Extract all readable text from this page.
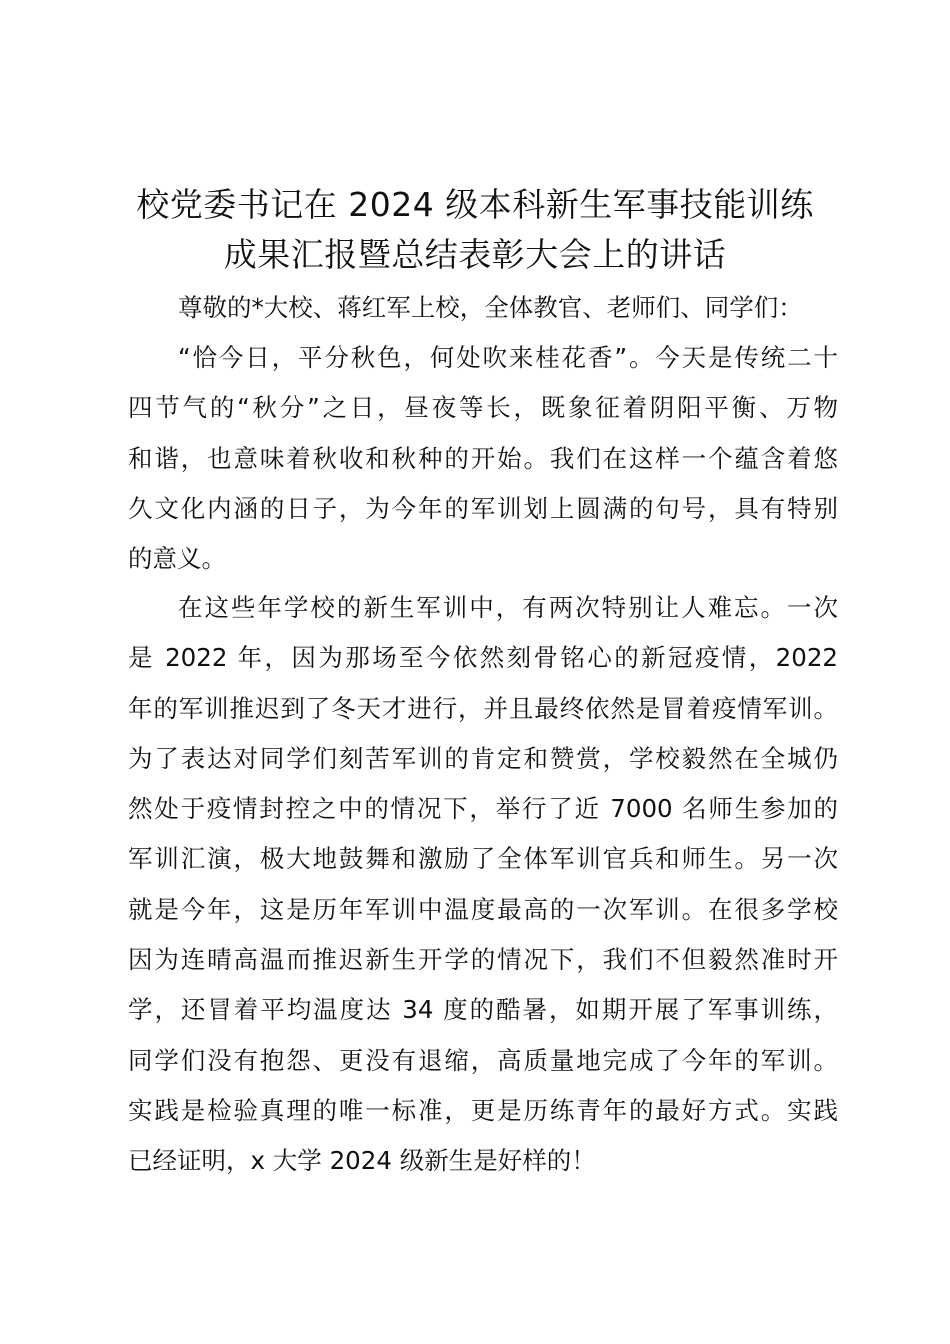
校党委书记在 2024 级本科新生军事技能训练
成果汇报暨总结表彰大会上的讲话
尊敬的*大校、蒋红军上校，全体教官、老师们、同学们：
“恰今日，平分秋色，何处吹来桂花香”。今天是传统二十
四节气的“秋分”之日，昼夜等长，既象征着阴阳平衡、万物
和谐，也意味着秋收和秋种的开始。我们在这样一个蕴含着悠
久文化内涵的日子，为今年的军训划上圆满的句号，具有特别
的意义。
在这些年学校的新生军训中，有两次特别让人难忘。一次
是 2022 年，因为那场至今依然刻骨铭心的新冠疫情，2022
年的军训推迟到了冬天才进行，并且最终依然是冒着疫情军训。
为了表达对同学们刻苦军训的肯定和赞赏，学校毅然在全城仍
然处于疫情封控之中的情况下，举行了近 7000 名师生参加的
军训汇演，极大地鼓舞和激励了全体军训官兵和师生。另一次
就是今年，这是历年军训中温度最高的一次军训。在很多学校
因为连晴高温而推迟新生开学的情况下，我们不但毅然准时开
学，还冒着平均温度达 34 度的酷暑，如期开展了军事训练，
同学们没有抱怨、更没有退缩，高质量地完成了今年的军训。
实践是检验真理的唯一标准，更是历练青年的最好方式。实践
已经证明，x 大学 2024 级新生是好样的！
